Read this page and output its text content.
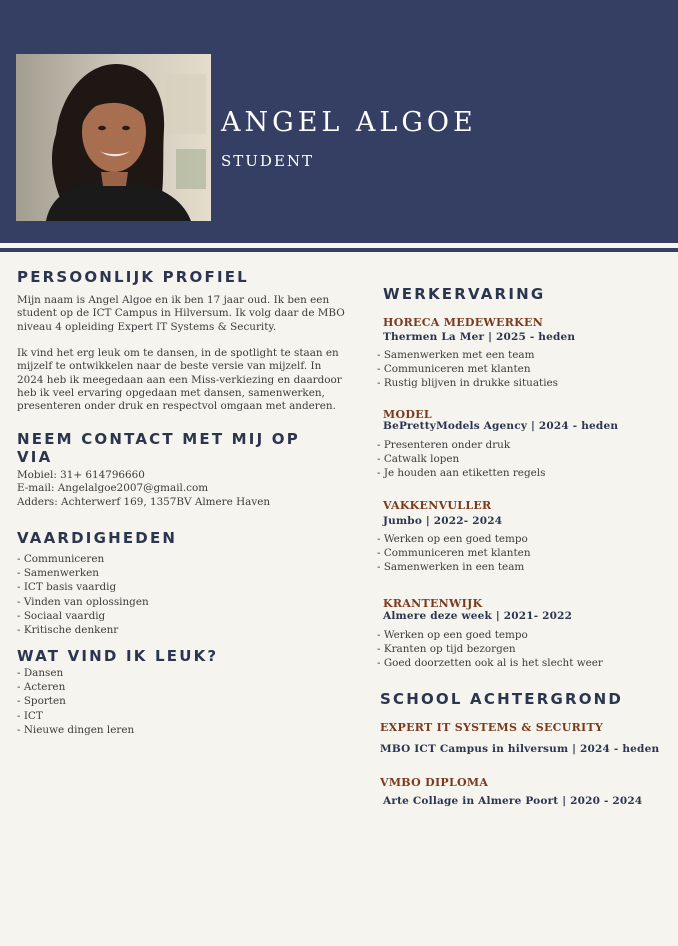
ANGEL ALGOE
STUDENT
PERSOONLIJK PROFIEL
Mijn naam is Angel Algoe en ik ben 17 jaar oud. Ik ben een
student op de ICT Campus in Hilversum. Ik volg daar de MBO
niveau 4 opleiding Expert IT Systems & Security.

Ik vind het erg leuk om te dansen, in de spotlight te staan en
mijzelf te ontwikkelen naar de beste versie van mijzelf. In
2024 heb ik meegedaan aan een Miss-verkiezing en daardoor
heb ik veel ervaring opgedaan met dansen, samenwerken,
presenteren onder druk en respectvol omgaan met anderen.
NEEM CONTACT MET MIJ OP
VIA
Mobiel: 31+ 614796660
E-mail: Angelalgoe2007@gmail.com
Adders: Achterwerf 169, 1357BV Almere Haven
VAARDIGHEDEN
- Communiceren
- Samenwerken
- ICT basis vaardig
- Vinden van oplossingen
- Sociaal vaardig
- Kritische denkenr
WAT VIND IK LEUK?
- Dansen
- Acteren
- Sporten
- ICT
- Nieuwe dingen leren
WERKERVARING
HORECA MEDEWERKEN
Thermen La Mer | 2025 - heden
- Samenwerken met een team
- Communiceren met klanten
- Rustig blijven in drukke situaties
MODEL
BePrettyModels Agency | 2024 - heden
- Presenteren onder druk
- Catwalk lopen
- Je houden aan etiketten regels
VAKKENVULLER
Jumbo | 2022- 2024
- Werken op een goed tempo
- Communiceren met klanten
- Samenwerken in een team
KRANTENWIJK
Almere deze week | 2021- 2022
- Werken op een goed tempo
- Kranten op tijd bezorgen
- Goed doorzetten ook al is het slecht weer
SCHOOL ACHTERGROND
EXPERT IT SYSTEMS & SECURITY
MBO ICT Campus in hilversum | 2024 - heden
VMBO DIPLOMA
Arte Collage in Almere Poort | 2020 - 2024
